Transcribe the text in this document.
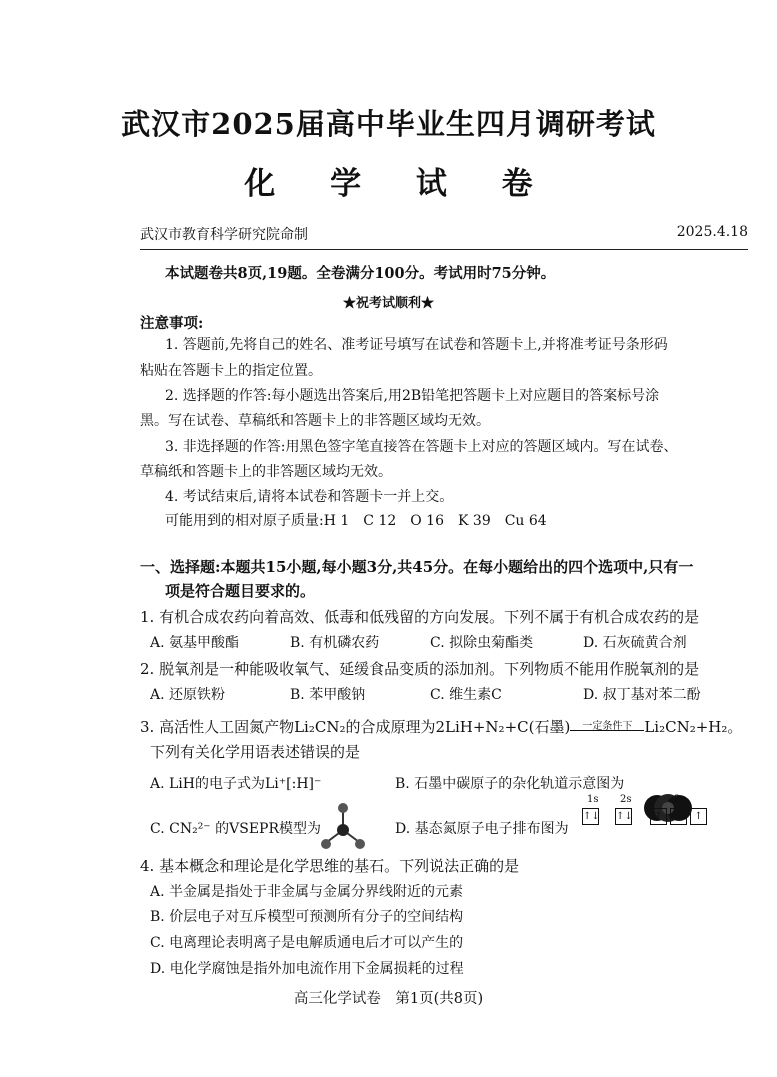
武汉市2025届高中毕业生四月调研考试
化 学 试 卷
武汉市教育科学研究院命制	2025.4.18
本试题卷共8页,19题。全卷满分100分。考试用时75分钟。
★祝考试顺利★
注意事项:
1. 答题前,先将自己的姓名、准考证号填写在试卷和答题卡上,并将准考证号条形码
粘贴在答题卡上的指定位置。
2. 选择题的作答:每小题选出答案后,用2B铅笔把答题卡上对应题目的答案标号涂
黑。写在试卷、草稿纸和答题卡上的非答题区域均无效。
3. 非选择题的作答:用黑色签字笔直接答在答题卡上对应的答题区域内。写在试卷、
草稿纸和答题卡上的非答题区域均无效。
4. 考试结束后,请将本试卷和答题卡一并上交。
可能用到的相对原子质量:H 1　C 12　O 16　K 39　Cu 64
一、选择题:本题共15小题,每小题3分,共45分。在每小题给出的四个选项中,只有一
项是符合题目要求的。
1. 有机合成农药向着高效、低毒和低残留的方向发展。下列不属于有机合成农药的是
A. 氨基甲酸酯	B. 有机磷农药	C. 拟除虫菊酯类	D. 石灰硫黄合剂
2. 脱氧剂是一种能吸收氧气、延缓食品变质的添加剂。下列物质不能用作脱氧剂的是
A. 还原铁粉	B. 苯甲酸钠	C. 维生素C	D. 叔丁基对苯二酚
3. 高活性人工固氮产物Li₂CN₂的合成原理为2LiH+N₂+C(石墨)	一定条件下 Li₂CN₂+H₂。
下列有关化学用语表述错误的是
A. LiH的电子式为Li⁺[:H]⁻	B. 石墨中碳原子的杂化轨道示意图为
C. CN₂²⁻ 的VSEPR模型为	D. 基态氮原子电子排布图为
1s 2s	2p
↑↓ ↑↓	↑	↑	↑
4. 基本概念和理论是化学思维的基石。下列说法正确的是
A. 半金属是指处于非金属与金属分界线附近的元素
B. 价层电子对互斥模型可预测所有分子的空间结构
C. 电离理论表明离子是电解质通电后才可以产生的
D. 电化学腐蚀是指外加电流作用下金属损耗的过程
高三化学试卷　第1页(共8页)
